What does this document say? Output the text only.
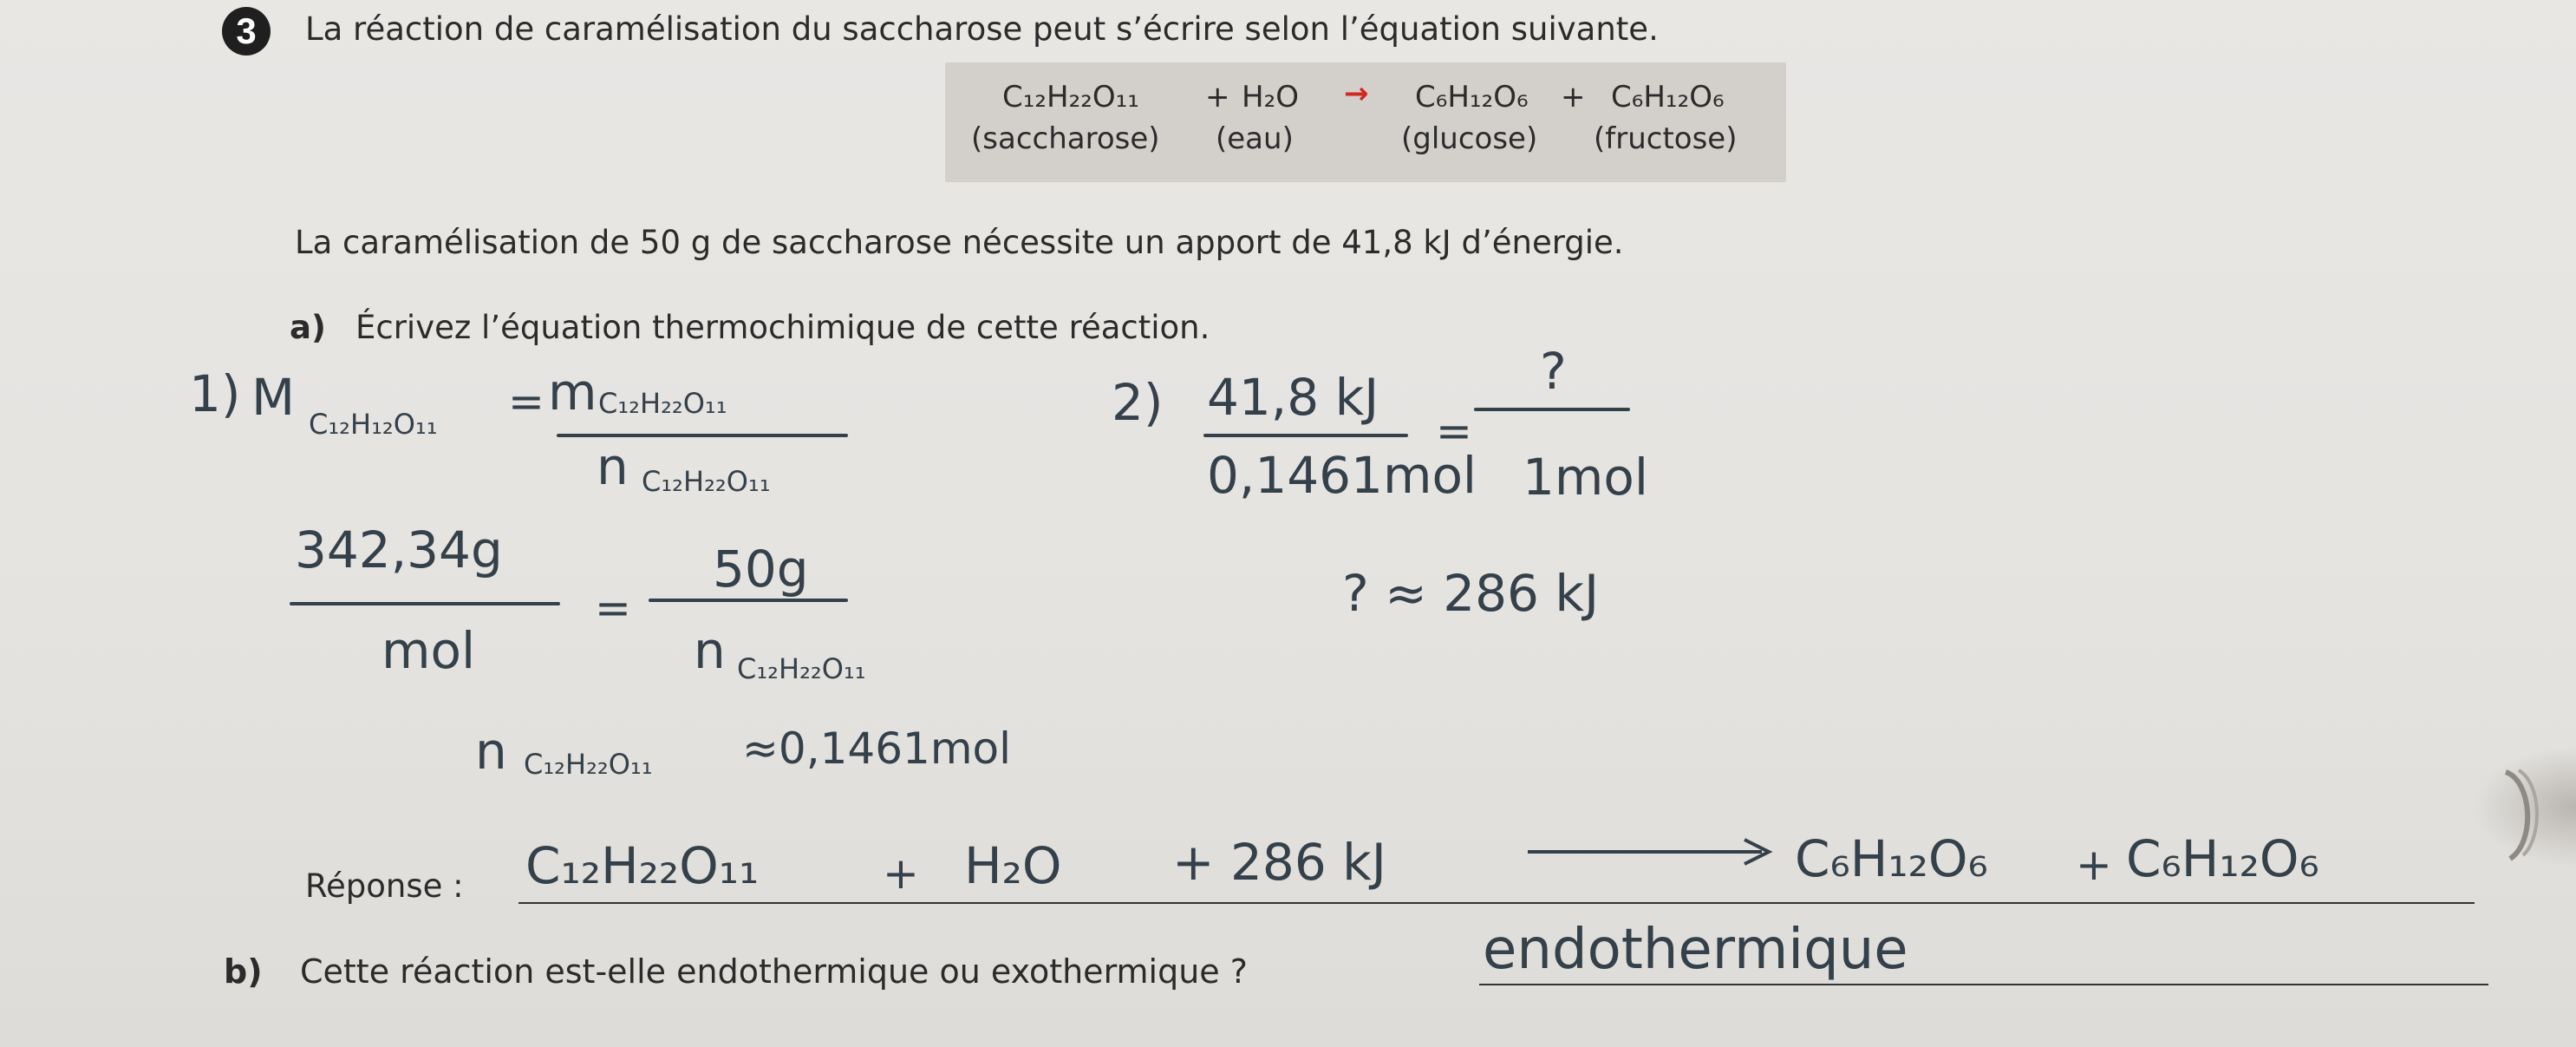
3 La réaction de caramélisation du saccharose peut s’écrire selon l’équation suivante.
C₁₂H₂₂O₁₁ + H₂O → C₆H₁₂O₆ + C₆H₁₂O₆
(saccharose) (eau)	(glucose) (fructose)
La caramélisation de 50 g de saccharose nécessite un apport de 41,8 kJ d’énergie.
a) Écrivez l’équation thermochimique de cette réaction.
1) M C₁₂H₁₂O₁₁ = m C₁₂H₂₂O₁₁
n C₁₂H₂₂O₁₁
342,34g
mol
=
50g
n C₁₂H₂₂O₁₁
n C₁₂H₂₂O₁₁ ≈0,1461mol
2) 41,8 kJ
0,1461mol
=
?
1mol
? ≈ 286 kJ
Réponse : C₁₂H₂₂O₁₁	+ H₂O + 286 kJ	C₆H₁₂O₆ + C₆H₁₂O₆
b) Cette réaction est-elle endothermique ou exothermique ?	endothermique
